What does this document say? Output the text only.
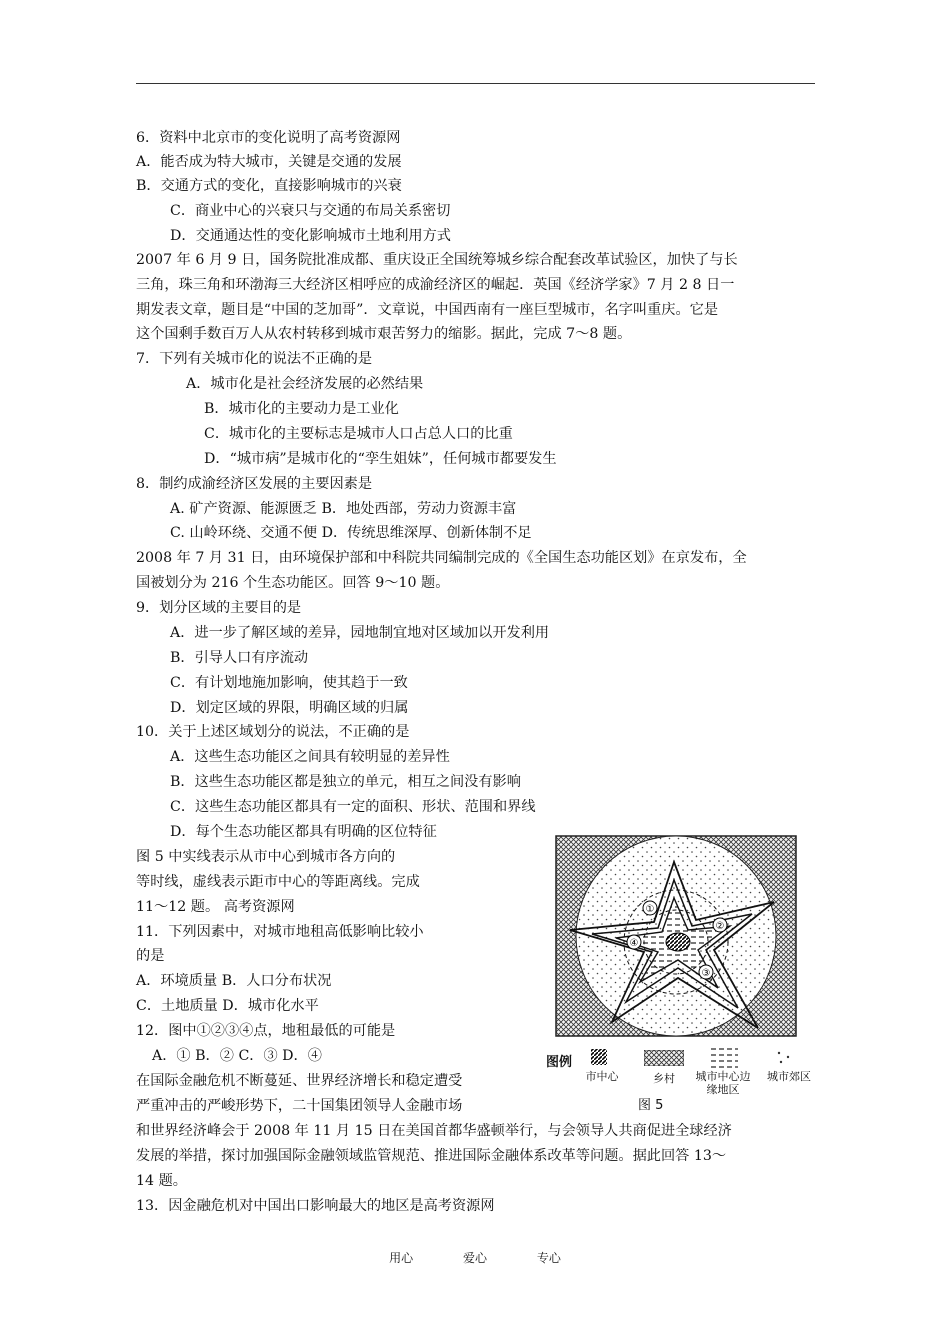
6．资料中北京市的变化说明了高考资源网
A．能否成为特大城市，关键是交通的发展
B．交通方式的变化，直接影响城市的兴衰
C．商业中心的兴衰只与交通的布局关系密切
D．交通通达性的变化影响城市土地利用方式
2007 年 6 月 9 日，国务院批准成都、重庆设正全国统筹城乡综合配套改革试验区，加快了与长
三角，珠三角和环渤海三大经济区相呼应的成渝经济区的崛起．英国《经济学家》7 月 2 8 日一
期发表文章，题目是“中国的芝加哥”．文章说，中国西南有一座巨型城市，名字叫重庆。它是
这个国剩手数百万人从农村转移到城市艰苦努力的缩影。据此，完成 7～8 题。
7．下列有关城市化的说法不正确的是
A．城市化是社会经济发展的必然结果
B．城市化的主要动力是工业化
C．城市化的主要标志是城市人口占总人口的比重
D．“城市病”是城市化的“孪生姐妹”，任何城市都要发生
8．制约成渝经济区发展的主要因素是
A. 矿产资源、能源匮乏 B．地处西部，劳动力资源丰富
C. 山岭环绕、交通不便 D．传统思维深厚、创新体制不足
2008 年 7 月 31 日，由环境保护部和中科院共同编制完成的《全国生态功能区划》在京发布，全
国被划分为 216 个生态功能区。回答 9～10 题。
9．划分区域的主要目的是
A．进一步了解区域的差异，园地制宜地对区域加以开发利用
B．引导人口有序流动
C．有计划地施加影响，使其趋于一致
D．划定区域的界限，明确区域的归属
10．关于上述区域划分的说法，不正确的是
A．这些生态功能区之间具有较明显的差异性
B．这些生态功能区都是独立的单元，相互之间没有影响
C．这些生态功能区都具有一定的面积、形状、范围和界线
D．每个生态功能区都具有明确的区位特征
图 5 中实线表示从市中心到城市各方向的
等时线，虚线表示距市中心的等距离线。完成
11～12 题。 高考资源网
11．下列因素中，对城市地租高低影响比较小
的是
A．环境质量 B．人口分布状况
C．土地质量 D．城市化水平
12．图中①②③④点，地租最低的可能是
A．① B．② C．③ D．④
在国际金融危机不断蔓延、世界经济增长和稳定遭受
严重冲击的严峻形势下，二十国集团领导人金融市场
和世界经济峰会于 2008 年 11 月 15 日在美国首都华盛顿举行，与会领导人共商促进全球经济
发展的举措，探讨加强国际金融领域监管规范、推进国际金融体系改革等问题。据此回答 13～
14 题。
13．因金融危机对中国出口影响最大的地区是高考资源网
①
②
③
④
图例
市中心	乡村	城市中心边缘地区
城市郊区
图 5
用心	爱心	专心
